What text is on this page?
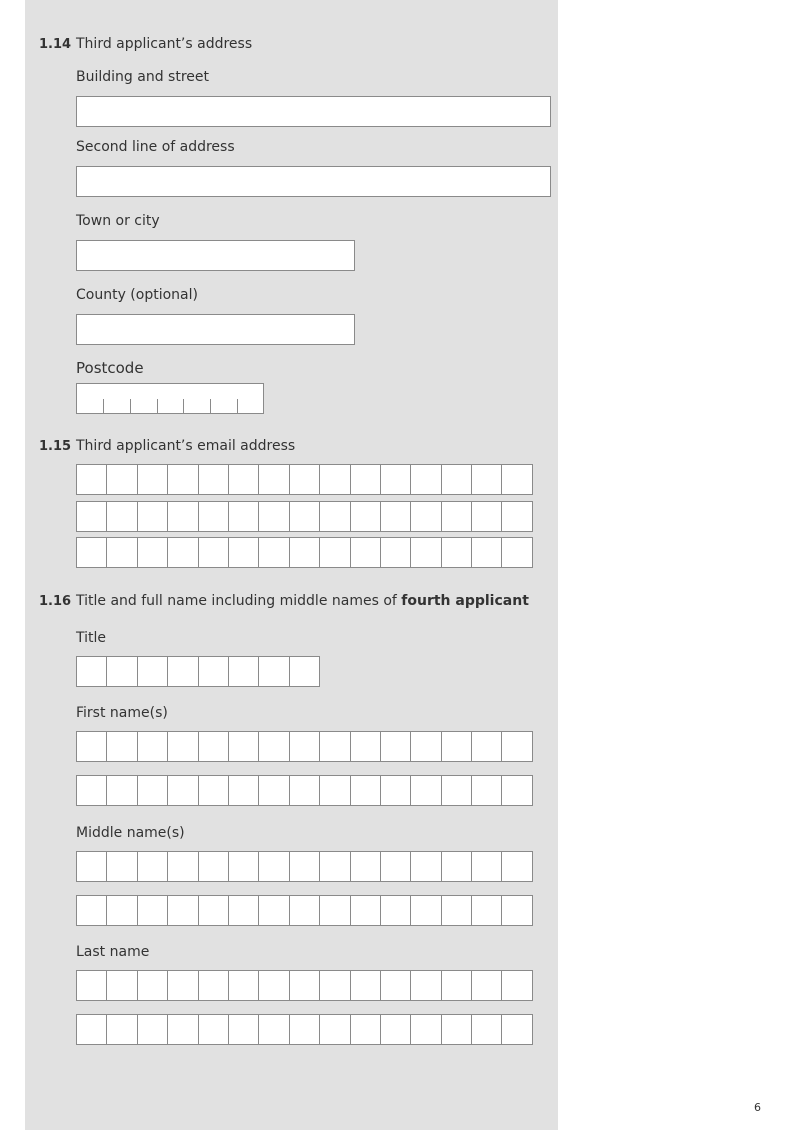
1.14 Third applicant’s address
Building and street
Second line of address
Town or city
County (optional)
Postcode
1.15 Third applicant’s email address
1.16 Title and full name including middle names of fourth applicant
Title
First name(s)
Middle name(s)
Last name
6
